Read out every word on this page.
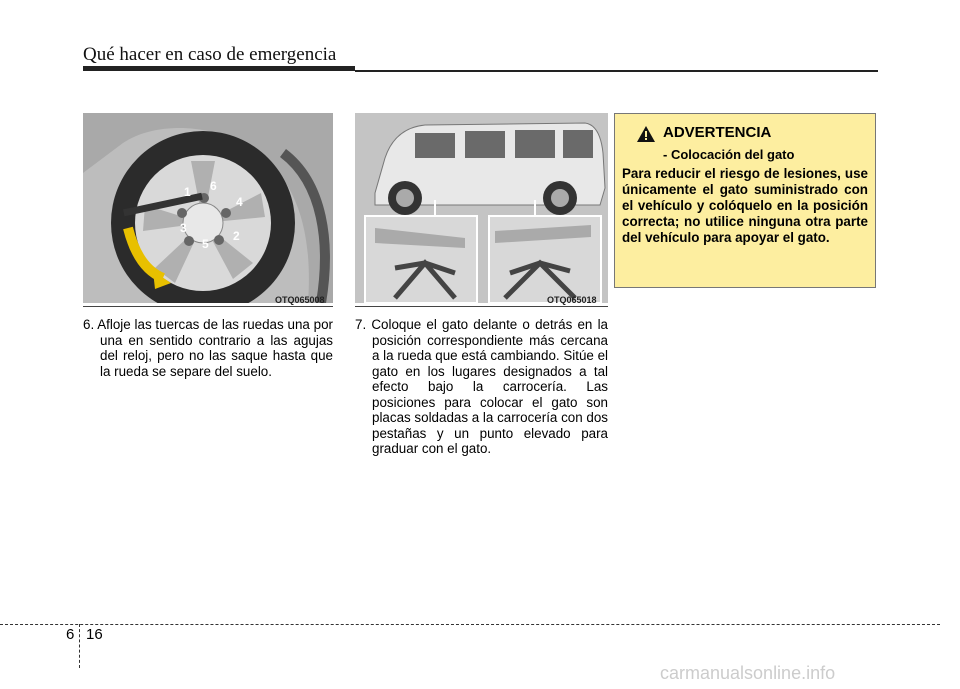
Qué hacer en caso de emergencia
1 6
4
3
2
5
OTQ065008	OTQ065018

6. Afloje las tuercas de las ruedas una por una en sentido contrario a las agujas del reloj, pero no las saque hasta que la rueda se separe del suelo.

7. Coloque el gato delante o detrás en la posición correspondiente más cercana a la rueda que está cambiando. Sitúe el gato en los lugares designados a tal efecto bajo la carrocería. Las posiciones para colocar el gato son placas soldadas a la carrocería con dos pestañas y un punto elevado para graduar con el gato.

ADVERTENCIA
- Colocación del gato
Para reducir el riesgo de lesiones, use únicamente el gato suministrado con el vehículo y colóquelo en la posición correcta; no utilice ninguna otra parte del vehículo para apoyar el gato.
6 16
carmanualsonline.info
